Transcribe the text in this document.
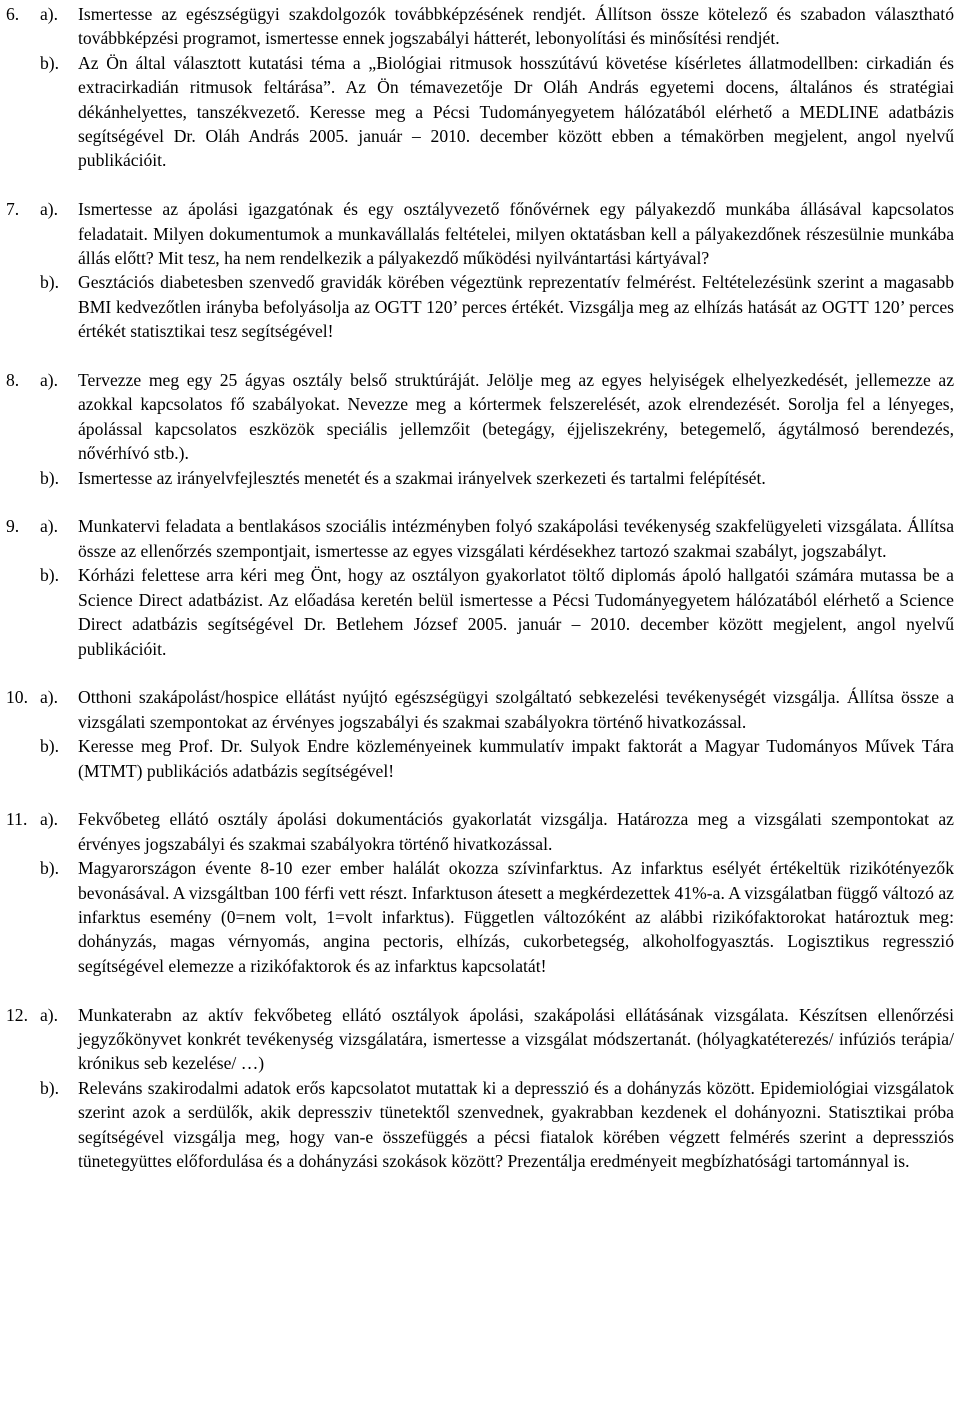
6.	a). Ismertesse az egészségügyi szakdolgozók továbbképzésének rendjét. Állítson össze kötelező és szabadon választható továbbképzési programot, ismertesse ennek jogszabályi hátterét, lebonyolítási és minősítési rendjét.

b). Az Ön által választott kutatási téma a „Biológiai ritmusok hosszútávú követése kísérletes állatmodellben: cirkadián és extracirkadián ritmusok feltárása”. Az Ön témavezetője Dr Oláh András egyetemi docens, általános és stratégiai dékánhelyettes, tanszékvezető. Keresse meg a Pécsi Tudományegyetem hálózatából elérhető a MEDLINE adatbázis segítségével Dr. Oláh András 2005. január – 2010. december között ebben a témakörben megjelent, angol nyelvű publikációit.

7.	a). Ismertesse az ápolási igazgatónak és egy osztályvezető főnővérnek egy pályakezdő munkába állásával kapcsolatos feladatait. Milyen dokumentumok a munkavállalás feltételei, milyen oktatásban kell a pályakezdőnek részesülnie munkába állás előtt? Mit tesz, ha nem rendelkezik a pályakezdő működési nyilvántartási kártyával?

b). Gesztációs diabetesben szenvedő gravidák körében végeztünk reprezentatív felmérést. Feltételezésünk szerint a magasabb BMI kedvezőtlen irányba befolyásolja az OGTT 120’ perces értékét. Vizsgálja meg az elhízás hatását az OGTT 120’ perces értékét statisztikai tesz segítségével!

8.	a). Tervezze meg egy 25 ágyas osztály belső struktúráját. Jelölje meg az egyes helyiségek elhelyezkedését, jellemezze az azokkal kapcsolatos fő szabályokat. Nevezze meg a kórtermek felszerelését, azok elrendezését. Sorolja fel a lényeges, ápolással kapcsolatos eszközök speciális jellemzőit (betegágy, éjjeliszekrény, betegemelő, ágytálmosó berendezés, nővérhívó stb.).

b). Ismertesse az irányelvfejlesztés menetét és a szakmai irányelvek szerkezeti és tartalmi felépítését.

9.	a). Munkatervi feladata a bentlakásos szociális intézményben folyó szakápolási tevékenység szakfelügyeleti vizsgálata. Állítsa össze az ellenőrzés szempontjait, ismertesse az egyes vizsgálati kérdésekhez tartozó szakmai szabályt, jogszabályt.

b). Kórházi felettese arra kéri meg Önt, hogy az osztályon gyakorlatot töltő diplomás ápoló hallgatói számára mutassa be a Science Direct adatbázist. Az előadása keretén belül ismertesse a Pécsi Tudományegyetem hálózatából elérhető a Science Direct adatbázis segítségével Dr. Betlehem József 2005. január – 2010. december között megjelent, angol nyelvű publikációit.

10. a). Otthoni szakápolást/hospice ellátást nyújtó egészségügyi szolgáltató sebkezelési tevékenységét vizsgálja. Állítsa össze a vizsgálati szempontokat az érvényes jogszabályi és szakmai szabályokra történő hivatkozással.

b). Keresse meg Prof. Dr. Sulyok Endre közleményeinek kummulatív impakt faktorát a Magyar Tudományos Művek Tára (MTMT) publikációs adatbázis segítségével!

11. a). Fekvőbeteg ellátó osztály ápolási dokumentációs gyakorlatát vizsgálja. Határozza meg a vizsgálati szempontokat az érvényes jogszabályi és szakmai szabályokra történő hivatkozással.

b). Magyarországon évente 8-10 ezer ember halálát okozza szívinfarktus. Az infarktus esélyét értékeltük rizikótényezők bevonásával. A vizsgáltban 100 férfi vett részt. Infarktuson átesett a megkérdezettek 41%-a. A vizsgálatban függő változó az infarktus esemény (0=nem volt, 1=volt infarktus). Független változóként az alábbi rizikófaktorokat határoztuk meg: dohányzás, magas vérnyomás, angina pectoris, elhízás, cukorbetegség, alkoholfogyasztás. Logisztikus regresszió segítségével elemezze a rizikófaktorok és az infarktus kapcsolatát!

12. a). Munkaterabn az aktív fekvőbeteg ellátó osztályok ápolási, szakápolási ellátásának vizsgálata. Készítsen ellenőrzési jegyzőkönyvet konkrét tevékenység vizsgálatára, ismertesse a vizsgálat módszertanát. (hólyagkatéterezés/ infúziós terápia/ krónikus seb kezelése/ …)

b). Releváns szakirodalmi adatok erős kapcsolatot mutattak ki a depresszió és a dohányzás között. Epidemiológiai vizsgálatok szerint azok a serdülők, akik depressziv tünetektől szenvednek, gyakrabban kezdenek el dohányozni. Statisztikai próba segítségével vizsgálja meg, hogy van-e összefüggés a pécsi fiatalok körében végzett felmérés szerint a depressziós tünetegyüttes előfordulása és a dohányzási szokások között? Prezentálja eredményeit megbízhatósági tartománnyal is.
